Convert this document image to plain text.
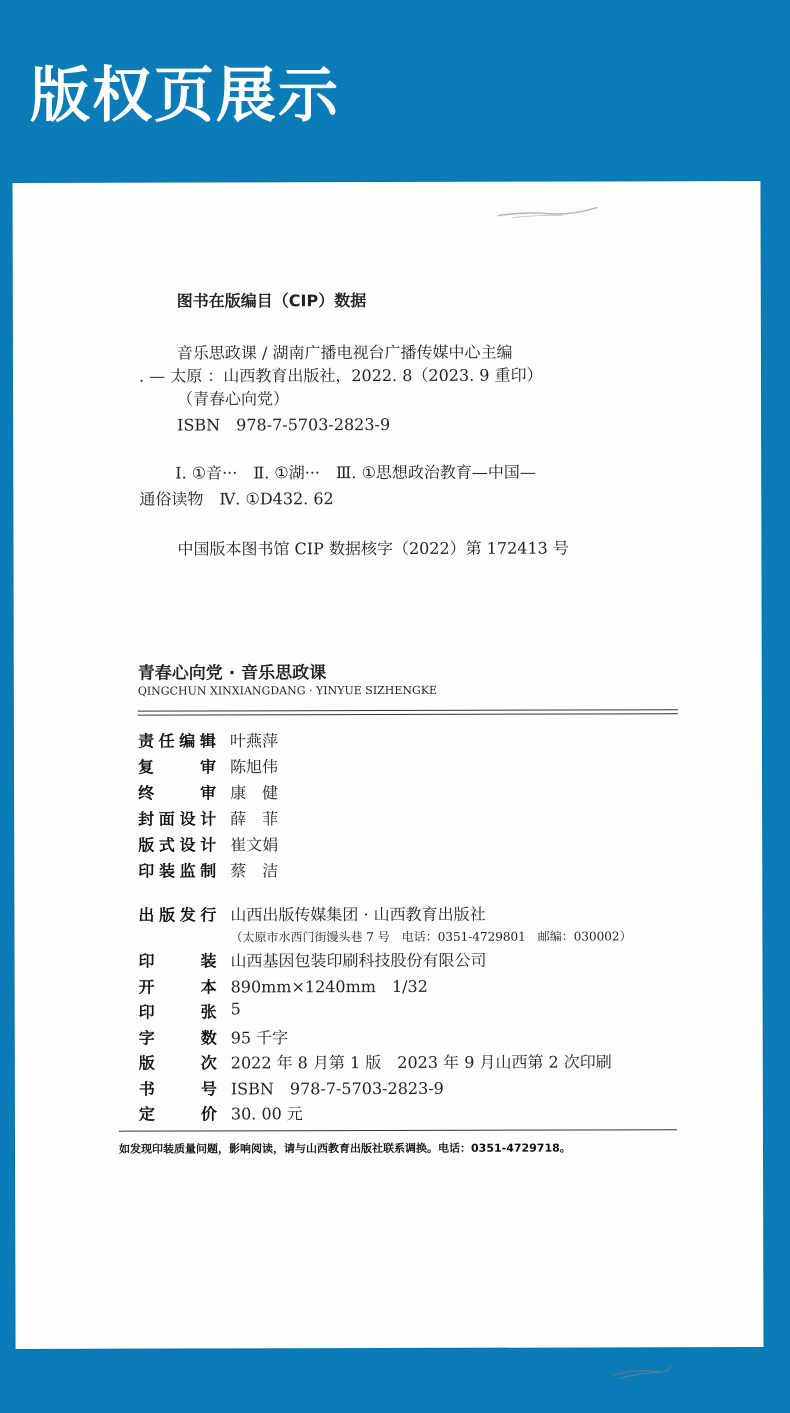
版权页展示
图书在版编目（CIP）数据
音乐思政课 / 湖南广播电视台广播传媒中心主编
. — 太原 ：山西教育出版社，2022. 8（2023. 9 重印）
（青春心向党）
ISBN　978-7-5703-2823-9
Ⅰ. ①音···　Ⅱ. ①湖···　Ⅲ. ①思想政治教育—中国—
通俗读物　Ⅳ. ①D432. 62
中国版本图书馆 CIP 数据核字（2022）第 172413 号
青春心向党 · 音乐思政课
QINGCHUN XINXIANGDANG · YINYUE SIZHENGKE
责 任 编 辑 叶燕萍
复	审 陈旭伟
终	审 康　健
封 面 设 计 薛　菲
版 式 设 计 崔文娟
印 装 监 制 蔡　洁
出 版 发 行 山西出版传媒集团 · 山西教育出版社
（太原市水西门街馒头巷 7 号　电话：0351-4729801　邮编：030002）
印	装 山西基因包装印刷科技股份有限公司
开	本 890mm×1240mm　1/32
印	张 5
字	数 95 千字
版	次 2022 年 8 月第 1 版　2023 年 9 月山西第 2 次印刷
书	号 ISBN　978-7-5703-2823-9
定	价 30. 00 元
如发现印装质量问题，影响阅读，请与山西教育出版社联系调换。电话：0351-4729718。
